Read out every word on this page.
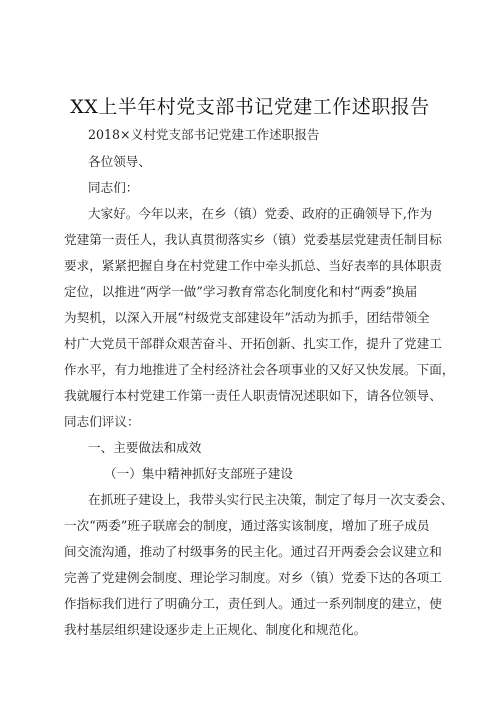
XX上半年村党支部书记党建工作述职报告
2018×义村党支部书记党建工作述职报告
各位领导、
同志们：
大家好。今年以来，在乡（镇）党委、政府的正确领导下,作为
党建第一责任人，我认真贯彻落实乡（镇）党委基层党建责任制目标
要求，紧紧把握自身在村党建工作中牵头抓总、当好表率的具体职责
定位，以推进“两学一做”学习教育常态化制度化和村“两委”换届
为契机，以深入开展“村级党支部建设年”活动为抓手，团结带领全
村广大党员干部群众艰苦奋斗、开拓创新、扎实工作，提升了党建工
作水平，有力地推进了全村经济社会各项事业的又好又快发展。下面，
我就履行本村党建工作第一责任人职责情况述职如下，请各位领导、
同志们评议：
一、主要做法和成效
（一）集中精神抓好支部班子建设
在抓班子建设上，我带头实行民主决策，制定了每月一次支委会、
一次“两委”班子联席会的制度，通过落实该制度，增加了班子成员
间交流沟通，推动了村级事务的民主化。通过召开两委会会议建立和
完善了党建例会制度、理论学习制度。对乡（镇）党委下达的各项工
作指标我们进行了明确分工，责任到人。通过一系列制度的建立，使
我村基层组织建设逐步走上正规化、制度化和规范化。
